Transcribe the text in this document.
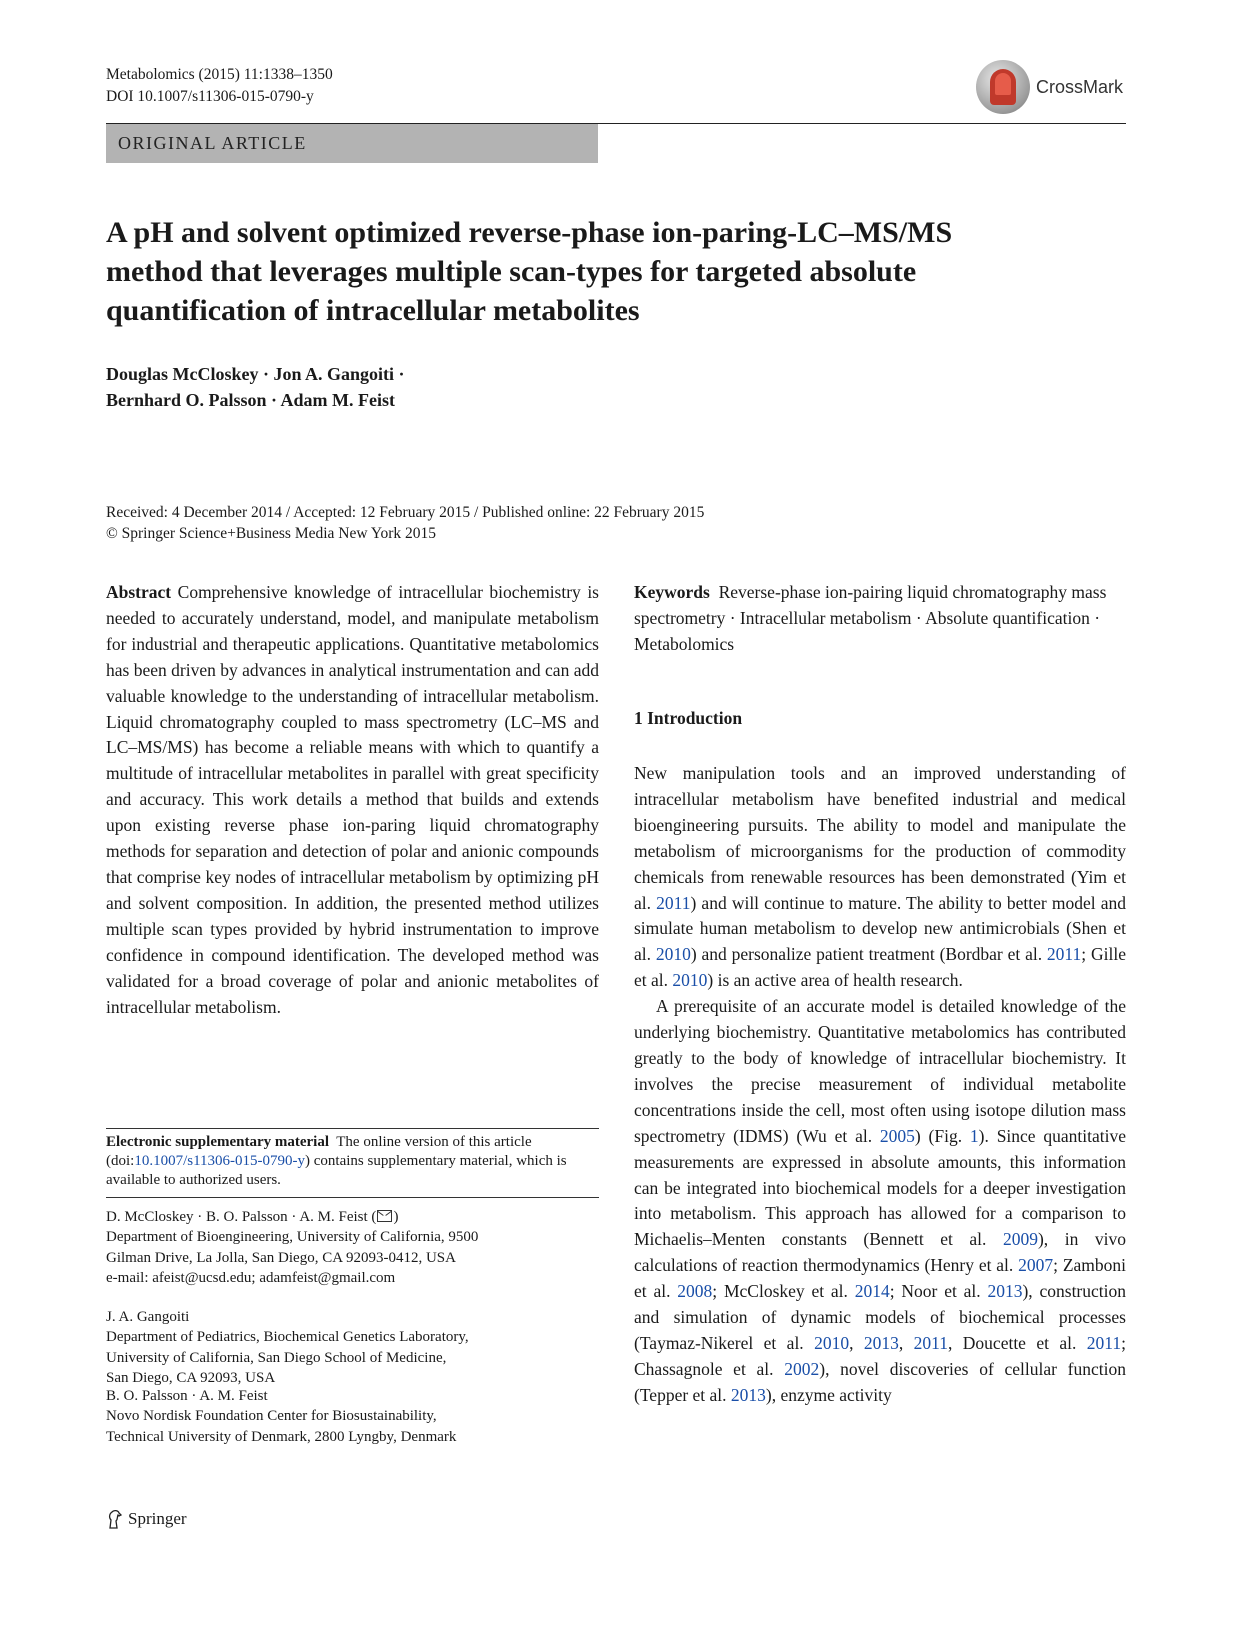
Metabolomics (2015) 11:1338–1350
DOI 10.1007/s11306-015-0790-y	CrossMark
ORIGINAL ARTICLE
A pH and solvent optimized reverse-phase ion-paring-LC–MS/MS
method that leverages multiple scan-types for targeted absolute
quantification of intracellular metabolites
Douglas McCloskey · Jon A. Gangoiti ·
Bernhard O. Palsson · Adam M. Feist
Received: 4 December 2014 / Accepted: 12 February 2015 / Published online: 22 February 2015
© Springer Science+Business Media New York 2015
Abstract Comprehensive knowledge of intracellular biochemistry is needed to accurately understand, model, and manipulate metabolism for industrial and therapeutic applications. Quantitative metabolomics has been driven by advances in analytical instrumentation and can add valuable knowledge to the understanding of intracellular metabolism. Liquid chromatography coupled to mass spectrometry (LC–MS and LC–MS/MS) has become a reliable means with which to quantify a multitude of intracellular metabolites in parallel with great specificity and accuracy. This work details a method that builds and extends upon existing reverse phase ion-paring liquid chromatography methods for separation and detection of polar and anionic compounds that comprise key nodes of intracellular metabolism by optimizing pH and solvent composition. In addition, the presented method utilizes multiple scan types provided by hybrid instrumentation to improve confidence in compound identification. The developed method was validated for a broad coverage of polar and anionic metabolites of intracellular metabolism.
Keywords Reverse-phase ion-pairing liquid chromatography mass spectrometry · Intracellular metabolism · Absolute quantification · Metabolomics
1 Introduction
New manipulation tools and an improved understanding of intracellular metabolism have benefited industrial and medical bioengineering pursuits. The ability to model and manipulate the metabolism of microorganisms for the production of commodity chemicals from renewable resources has been demonstrated (Yim et al. 2011) and will continue to mature. The ability to better model and simulate human metabolism to develop new antimicrobials (Shen et al. 2010) and personalize patient treatment (Bordbar et al. 2011; Gille et al. 2010) is an active area of health research.
A prerequisite of an accurate model is detailed knowledge of the underlying biochemistry. Quantitative metabolomics has contributed greatly to the body of knowledge of intracellular biochemistry. It involves the precise measurement of individual metabolite concentrations inside the cell, most often using isotope dilution mass spectrometry (IDMS) (Wu et al. 2005) (Fig. 1). Since quantitative measurements are expressed in absolute amounts, this information can be integrated into biochemical models for a deeper investigation into metabolism. This approach has allowed for a comparison to Michaelis–Menten constants (Bennett et al. 2009), in vivo calculations of reaction thermodynamics (Henry et al. 2007; Zamboni et al. 2008; McCloskey et al. 2014; Noor et al. 2013), construction and simulation of dynamic models of biochemical processes (Taymaz-Nikerel et al. 2010, 2013, 2011, Doucette et al. 2011; Chassagnole et al. 2002), novel discoveries of cellular function (Tepper et al. 2013), enzyme activity
Electronic supplementary material The online version of this article (doi:10.1007/s11306-015-0790-y) contains supplementary material, which is available to authorized users.
D. McCloskey · B. O. Palsson · A. M. Feist ( )
Department of Bioengineering, University of California, 9500
Gilman Drive, La Jolla, San Diego, CA 92093-0412, USA
e-mail: afeist@ucsd.edu; adamfeist@gmail.com
J. A. Gangoiti
Department of Pediatrics, Biochemical Genetics Laboratory,
University of California, San Diego School of Medicine,
San Diego, CA 92093, USA
B. O. Palsson · A. M. Feist
Novo Nordisk Foundation Center for Biosustainability,
Technical University of Denmark, 2800 Lyngby, Denmark
Springer
